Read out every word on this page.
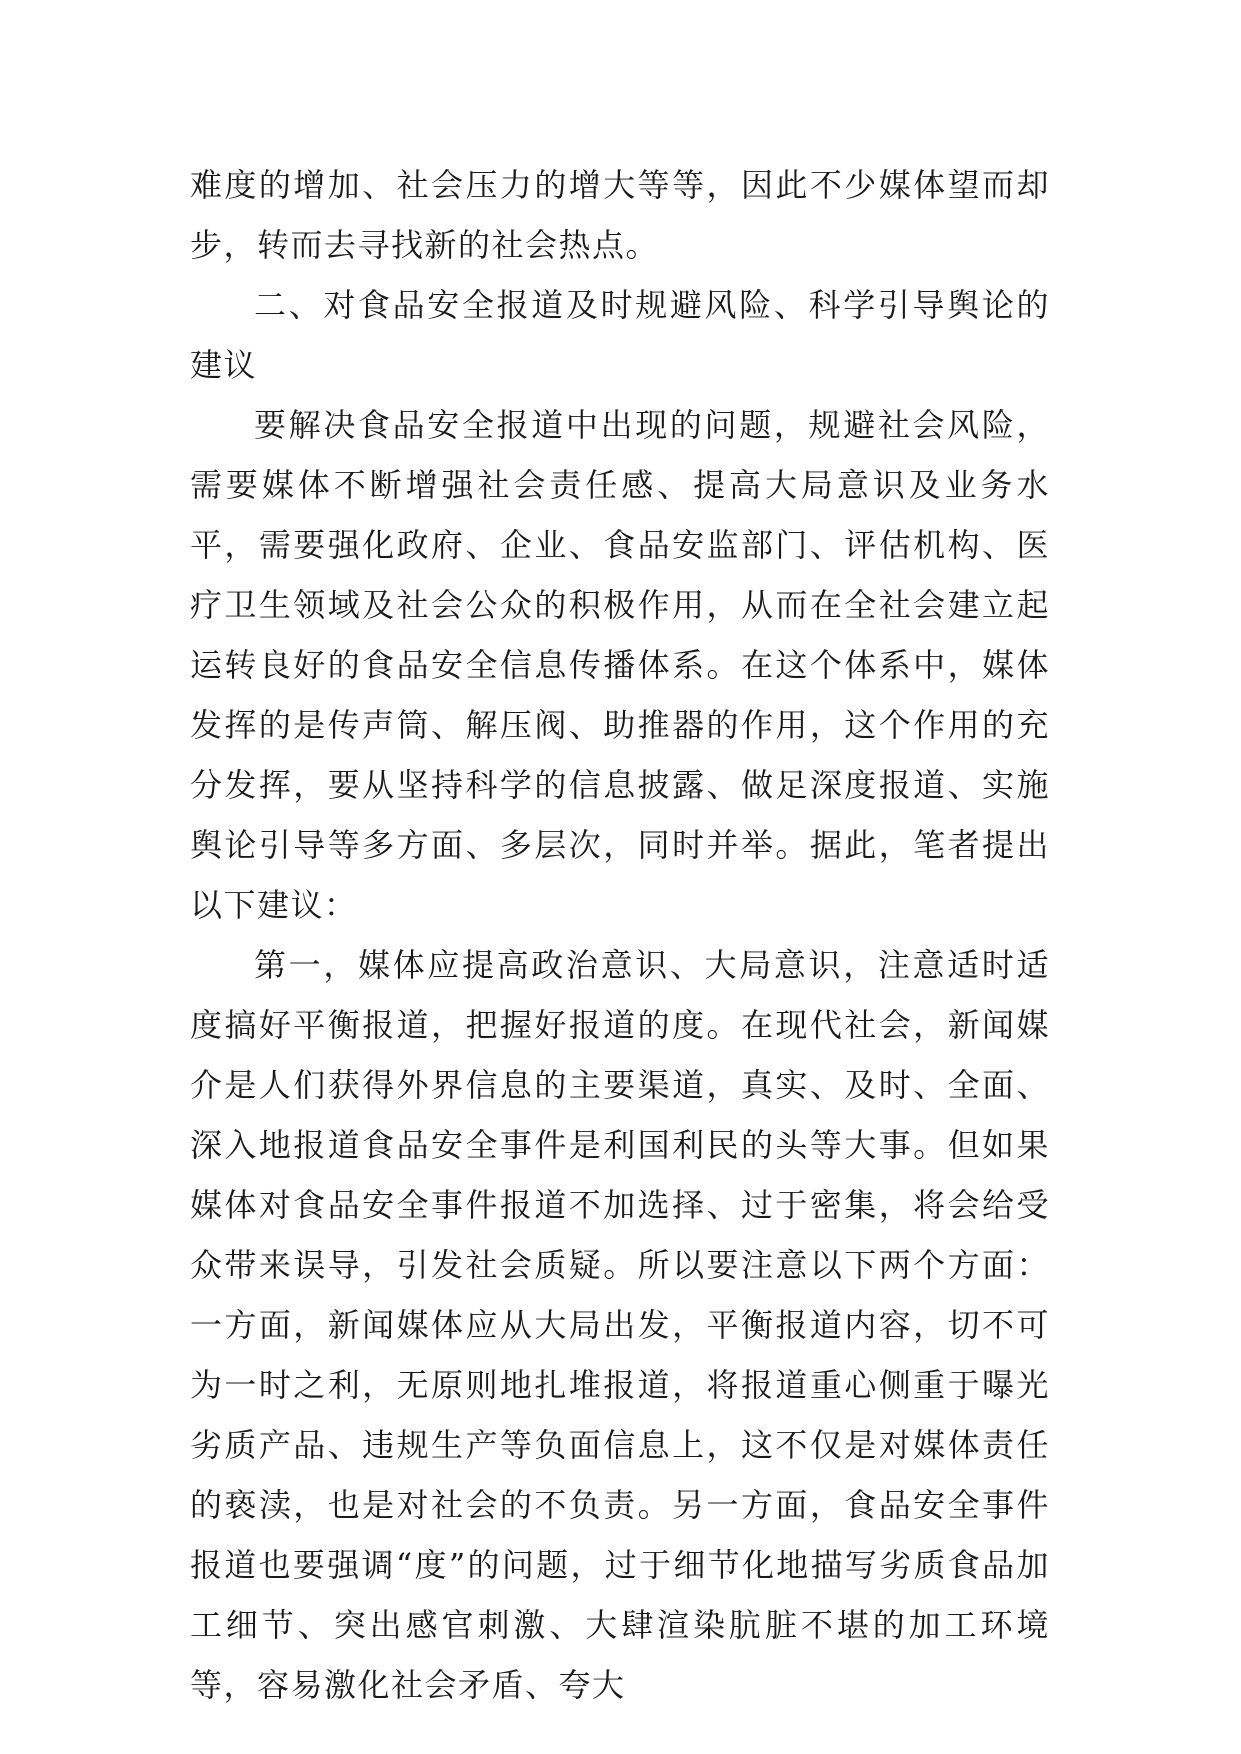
难度的增加、社会压力的增大等等，因此不少媒体望而却步，转而去寻找新的社会热点。

二、对食品安全报道及时规避风险、科学引导舆论的建议

要解决食品安全报道中出现的问题，规避社会风险，需要媒体不断增强社会责任感、提高大局意识及业务水平，需要强化政府、企业、食品安监部门、评估机构、医疗卫生领域及社会公众的积极作用，从而在全社会建立起运转良好的食品安全信息传播体系。在这个体系中，媒体发挥的是传声筒、解压阀、助推器的作用，这个作用的充分发挥，要从坚持科学的信息披露、做足深度报道、实施舆论引导等多方面、多层次，同时并举。据此，笔者提出以下建议：

第一，媒体应提高政治意识、大局意识，注意适时适度搞好平衡报道，把握好报道的度。在现代社会，新闻媒介是人们获得外界信息的主要渠道，真实、及时、全面、深入地报道食品安全事件是利国利民的头等大事。但如果媒体对食品安全事件报道不加选择、过于密集，将会给受众带来误导，引发社会质疑。所以要注意以下两个方面：一方面，新闻媒体应从大局出发，平衡报道内容，切不可为一时之利，无原则地扎堆报道，将报道重心侧重于曝光劣质产品、违规生产等负面信息上，这不仅是对媒体责任的亵渎，也是对社会的不负责。另一方面，食品安全事件报道也要强调“度”的问题，过于细节化地描写劣质食品加工细节、突出感官刺激、大肆渲染肮脏不堪的加工环境等，容易激化社会矛盾、夸大
